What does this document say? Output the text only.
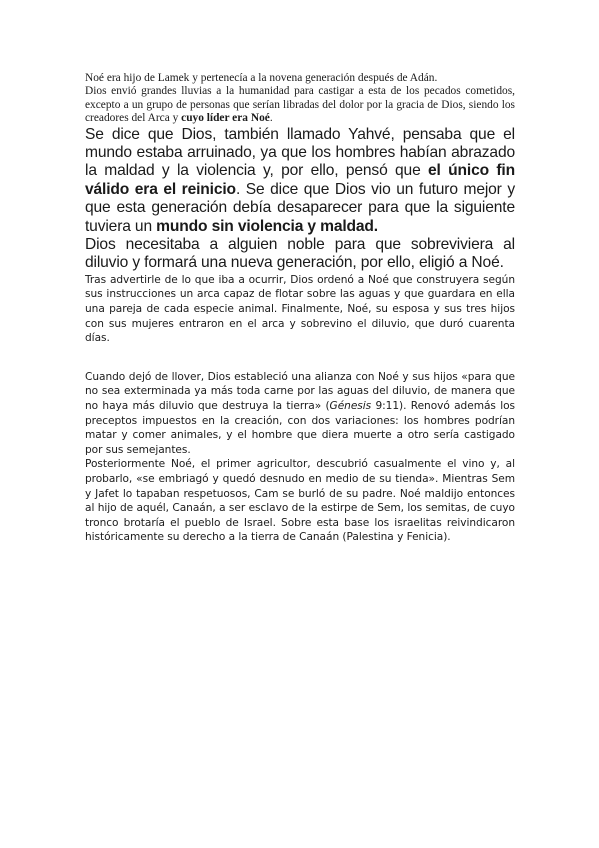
Noé era hijo de Lamek y pertenecía a la novena generación después de Adán.

Dios envió grandes lluvias a la humanidad para castigar a esta de los pecados cometidos, excepto a un grupo de personas que serían libradas del dolor por la gracia de Dios, siendo los creadores del Arca y cuyo líder era Noé.

Se dice que Dios, también llamado Yahvé, pensaba que el mundo estaba arruinado, ya que los hombres habían abrazado la maldad y la violencia y, por ello, pensó que el único fin válido era el reinicio. Se dice que Dios vio un futuro mejor y que esta generación debía desaparecer para que la siguiente tuviera un mundo sin violencia y maldad.

Dios necesitaba a alguien noble para que sobreviviera al diluvio y formará una nueva generación, por ello, eligió a Noé.

Tras advertirle de lo que iba a ocurrir, Dios ordenó a Noé que construyera según sus instrucciones un arca capaz de flotar sobre las aguas y que guardara en ella una pareja de cada especie animal. Finalmente, Noé, su esposa y sus tres hijos con sus mujeres entraron en el arca y sobrevino el diluvio, que duró cuarenta días.

Cuando dejó de llover, Dios estableció una alianza con Noé y sus hijos «para que no sea exterminada ya más toda carne por las aguas del diluvio, de manera que no haya más diluvio que destruya la tierra» (Génesis 9:11). Renovó además los preceptos impuestos en la creación, con dos variaciones: los hombres podrían matar y comer animales, y el hombre que diera muerte a otro sería castigado por sus semejantes.

Posteriormente Noé, el primer agricultor, descubrió casualmente el vino y, al probarlo, «se embriagó y quedó desnudo en medio de su tienda». Mientras Sem y Jafet lo tapaban respetuosos, Cam se burló de su padre. Noé maldijo entonces al hijo de aquél, Canaán, a ser esclavo de la estirpe de Sem, los semitas, de cuyo tronco brotaría el pueblo de Israel. Sobre esta base los israelitas reivindicaron históricamente su derecho a la tierra de Canaán (Palestina y Fenicia).
